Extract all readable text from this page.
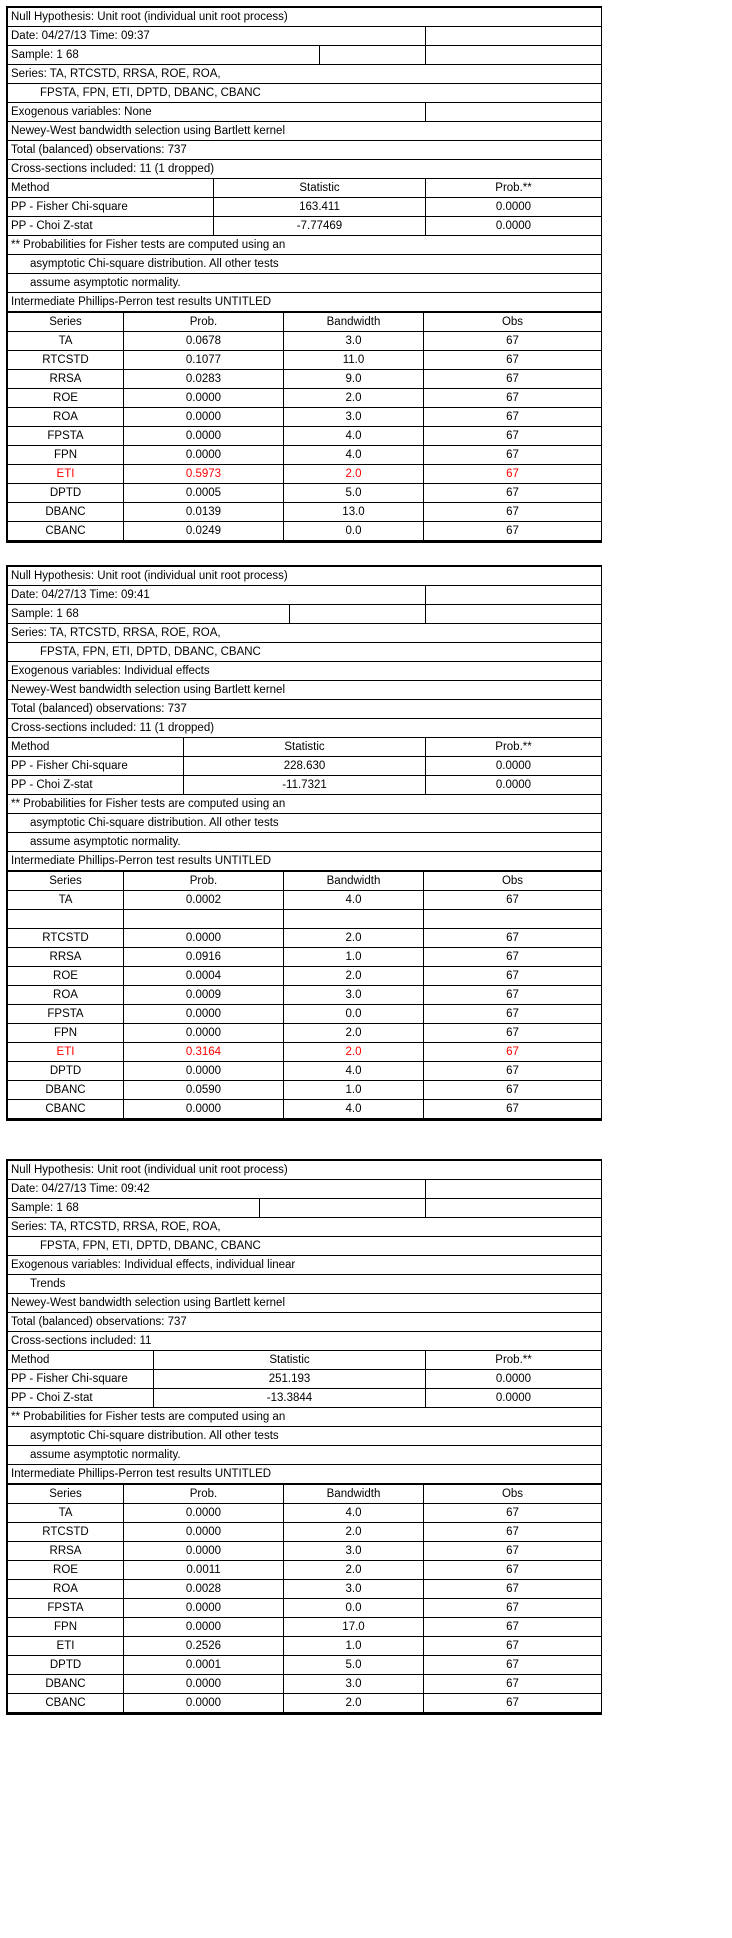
Null Hypothesis: Unit root (individual unit root process)			
Date: 04/27/13 Time: 09:37			
Sample: 1 68			
Series: TA, RTCSTD, RRSA, ROE, ROA,			
FPSTA, FPN, ETI, DPTD, DBANC, CBANC			
Exogenous variables: None			
Newey-West bandwidth selection using Bartlett kernel			
Total (balanced) observations: 737			
Cross-sections included: 11 (1 dropped)			
Method	Statistic		Prob.**
PP - Fisher Chi-square	163.411		0.0000
PP - Choi Z-stat	-7.77469		0.0000
** Probabilities for Fisher tests are computed using an			
asymptotic Chi-square distribution. All other tests			
assume asymptotic normality.			
Intermediate Phillips-Perron test results UNTITLED			
Series	Prob.	Bandwidth	Obs
TA	0.0678	3.0	67
RTCSTD	0.1077	11.0	67
RRSA	0.0283	9.0	67
ROE	0.0000	2.0	67
ROA	0.0000	3.0	67
FPSTA	0.0000	4.0	67
FPN	0.0000	4.0	67
ETI	0.5973	2.0	67
DPTD	0.0005	5.0	67
DBANC	0.0139	13.0	67
CBANC	0.0249	0.0	67
Null Hypothesis: Unit root (individual unit root process)			
Date: 04/27/13 Time: 09:41			
Sample: 1 68			
Series: TA, RTCSTD, RRSA, ROE, ROA,			
FPSTA, FPN, ETI, DPTD, DBANC, CBANC			
Exogenous variables: Individual effects			
Newey-West bandwidth selection using Bartlett kernel			
Total (balanced) observations: 737			
Cross-sections included: 11 (1 dropped)			
Method	Statistic		Prob.**
PP - Fisher Chi-square	228.630		0.0000
PP - Choi Z-stat	-11.7321		0.0000
** Probabilities for Fisher tests are computed using an			
asymptotic Chi-square distribution. All other tests			
assume asymptotic normality.			
Intermediate Phillips-Perron test results UNTITLED			
Series	Prob.	Bandwidth	Obs
TA	0.0002	4.0	67

RTCSTD	0.0000	2.0	67
RRSA	0.0916	1.0	67
ROE	0.0004	2.0	67
ROA	0.0009	3.0	67
FPSTA	0.0000	0.0	67
FPN	0.0000	2.0	67
ETI	0.3164	2.0	67
DPTD	0.0000	4.0	67
DBANC	0.0590	1.0	67
CBANC	0.0000	4.0	67
Null Hypothesis: Unit root (individual unit root process)			
Date: 04/27/13 Time: 09:42			
Sample: 1 68			
Series: TA, RTCSTD, RRSA, ROE, ROA,			
FPSTA, FPN, ETI, DPTD, DBANC, CBANC			
Exogenous variables: Individual effects, individual linear			
Trends			
Newey-West bandwidth selection using Bartlett kernel			
Total (balanced) observations: 737			
Cross-sections included: 11			
Method	Statistic		Prob.**
PP - Fisher Chi-square	251.193		0.0000
PP - Choi Z-stat	-13.3844		0.0000
** Probabilities for Fisher tests are computed using an			
asymptotic Chi-square distribution. All other tests			
assume asymptotic normality.			
Intermediate Phillips-Perron test results UNTITLED			
Series	Prob.	Bandwidth	Obs
TA	0.0000	4.0	67
RTCSTD	0.0000	2.0	67
RRSA	0.0000	3.0	67
ROE	0.0011	2.0	67
ROA	0.0028	3.0	67
FPSTA	0.0000	0.0	67
FPN	0.0000	17.0	67
ETI	0.2526	1.0	67
DPTD	0.0001	5.0	67
DBANC	0.0000	3.0	67
CBANC	0.0000	2.0	67
